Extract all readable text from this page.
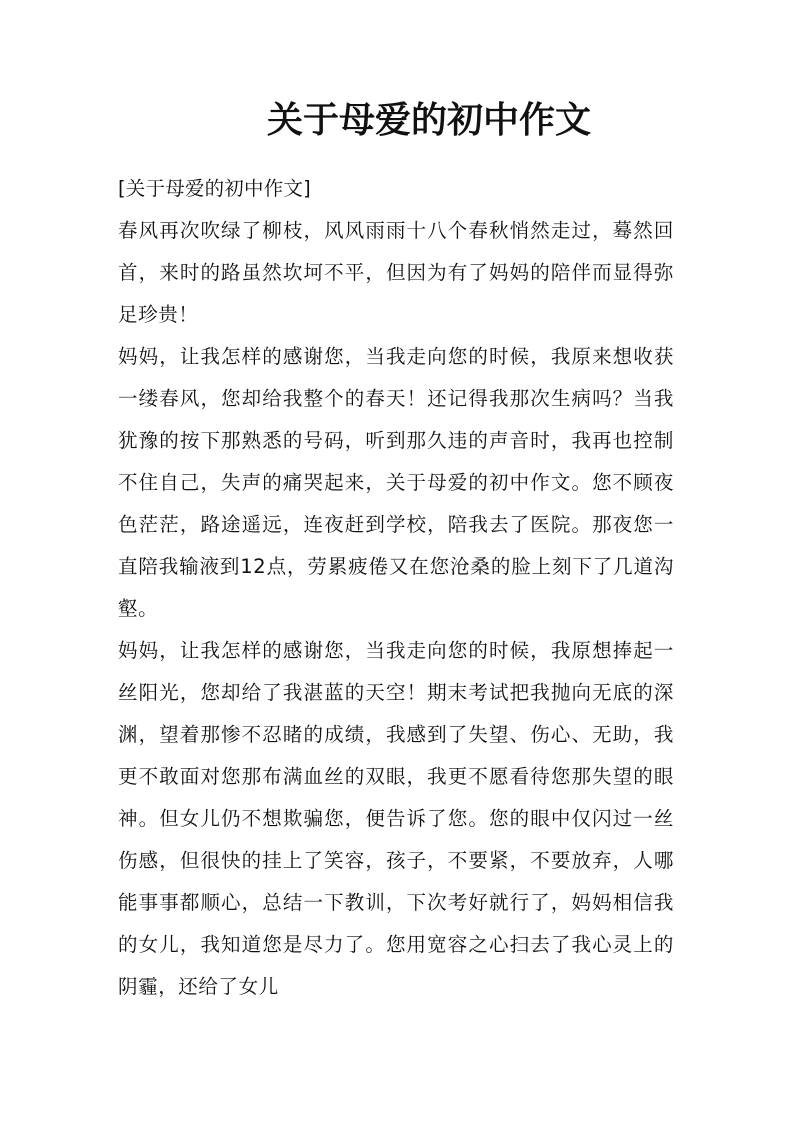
关于母爱的初中作文

[关于母爱的初中作文]

春风再次吹绿了柳枝，风风雨雨十八个春秋悄然走过，蓦然回首，来时的路虽然坎坷不平，但因为有了妈妈的陪伴而显得弥足珍贵！

妈妈，让我怎样的感谢您，当我走向您的时候，我原来想收获一缕春风，您却给我整个的春天！还记得我那次生病吗？当我犹豫的按下那熟悉的号码，听到那久违的声音时，我再也控制不住自己，失声的痛哭起来，关于母爱的初中作文。您不顾夜色茫茫，路途遥远，连夜赶到学校，陪我去了医院。那夜您一直陪我输液到12点，劳累疲倦又在您沧桑的脸上刻下了几道沟壑。

妈妈，让我怎样的感谢您，当我走向您的时候，我原想捧起一丝阳光，您却给了我湛蓝的天空！期末考试把我抛向无底的深渊，望着那惨不忍睹的成绩，我感到了失望、伤心、无助，我更不敢面对您那布满血丝的双眼，我更不愿看待您那失望的眼神。但女儿仍不想欺骗您，便告诉了您。您的眼中仅闪过一丝伤感，但很快的挂上了笑容，孩子，不要紧，不要放弃，人哪能事事都顺心，总结一下教训，下次考好就行了，妈妈相信我的女儿，我知道您是尽力了。您用宽容之心扫去了我心灵上的阴霾，还给了女儿
